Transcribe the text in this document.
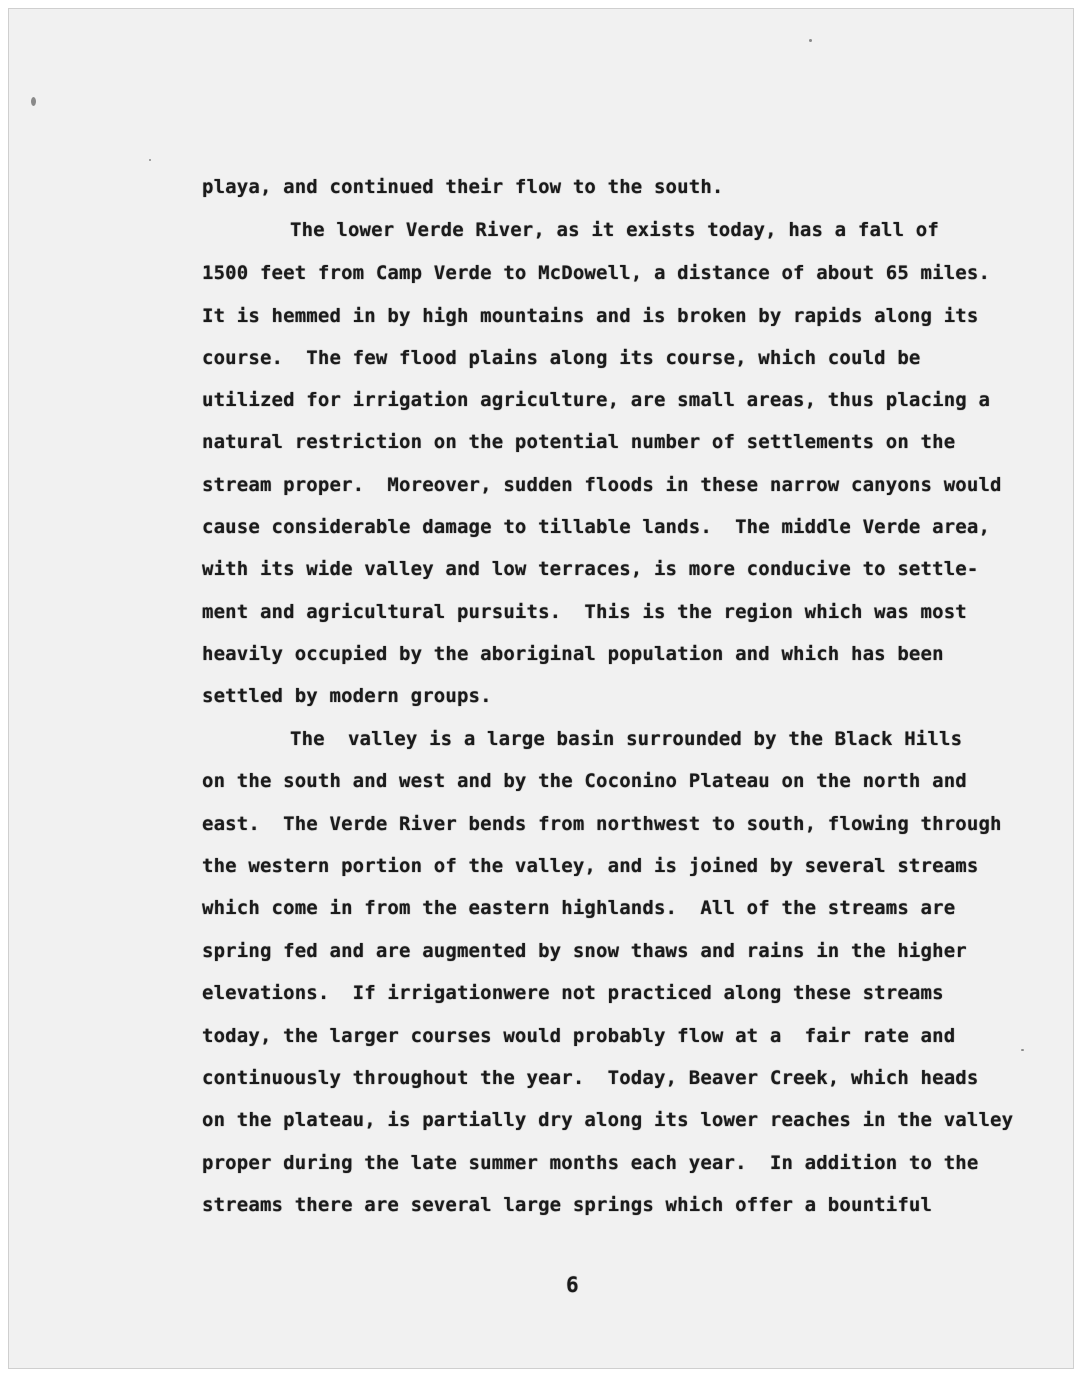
playa, and continued their flow to the south.
The lower Verde River, as it exists today, has a fall of
1500 feet from Camp Verde to McDowell, a distance of about 65 miles.
It is hemmed in by high mountains and is broken by rapids along its
course.  The few flood plains along its course, which could be
utilized for irrigation agriculture, are small areas, thus placing a
natural restriction on the potential number of settlements on the
stream proper.  Moreover, sudden floods in these narrow canyons would
cause considerable damage to tillable lands.  The middle Verde area,
with its wide valley and low terraces, is more conducive to settle-
ment and agricultural pursuits.  This is the region which was most
heavily occupied by the aboriginal population and which has been
settled by modern groups.
The  valley is a large basin surrounded by the Black Hills
on the south and west and by the Coconino Plateau on the north and
east.  The Verde River bends from northwest to south, flowing through
the western portion of the valley, and is joined by several streams
which come in from the eastern highlands.  All of the streams are
spring fed and are augmented by snow thaws and rains in the higher
elevations.  If irrigationwere not practiced along these streams
today, the larger courses would probably flow at a  fair rate and
continuously throughout the year.  Today, Beaver Creek, which heads
on the plateau, is partially dry along its lower reaches in the valley
proper during the late summer months each year.  In addition to the
streams there are several large springs which offer a bountiful
6
